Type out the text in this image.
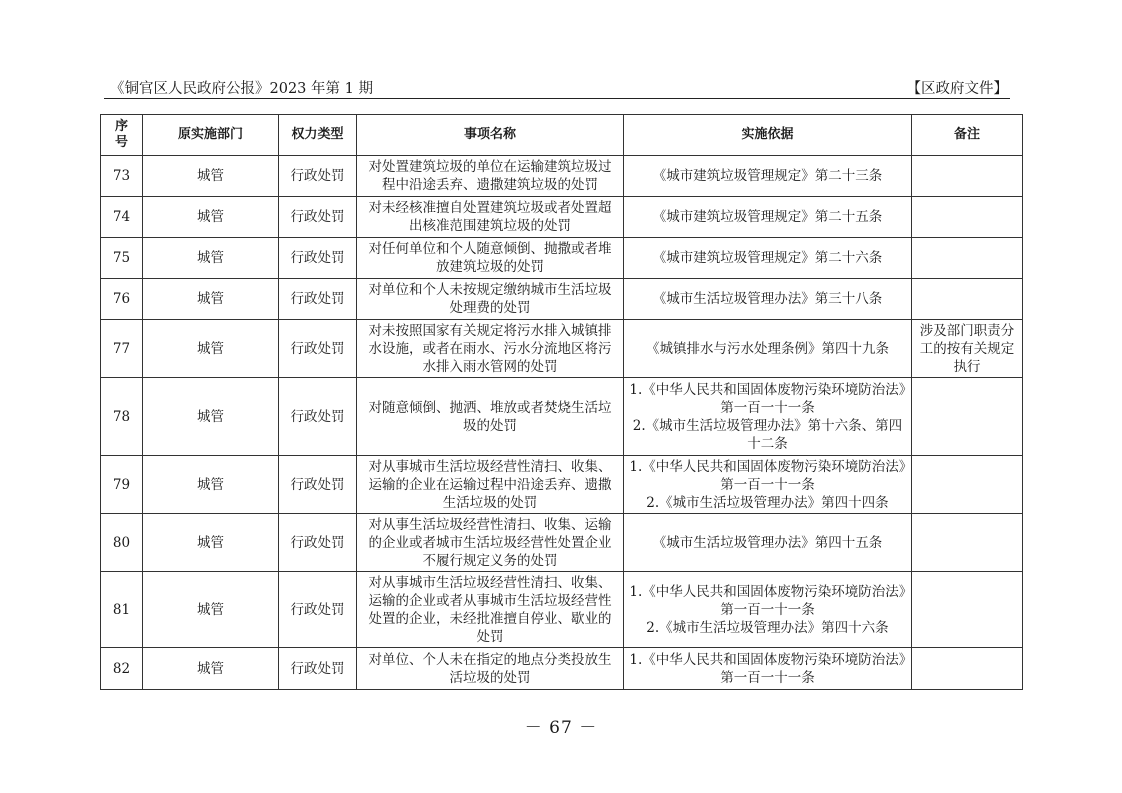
《铜官区人民政府公报》2023 年第 1 期	【区政府文件】
序号	原实施部门	权力类型	事项名称	实施依据	备注
73	城管	行政处罚	对处置建筑垃圾的单位在运输建筑垃圾过程中沿途丢弃、遗撒建筑垃圾的处罚	《城市建筑垃圾管理规定》第二十三条	
74	城管	行政处罚	对未经核准擅自处置建筑垃圾或者处置超出核准范围建筑垃圾的处罚	《城市建筑垃圾管理规定》第二十五条	
75	城管	行政处罚	对任何单位和个人随意倾倒、抛撒或者堆放建筑垃圾的处罚	《城市建筑垃圾管理规定》第二十六条	
76	城管	行政处罚	对单位和个人未按规定缴纳城市生活垃圾处理费的处罚	《城市生活垃圾管理办法》第三十八条	
77	城管	行政处罚	对未按照国家有关规定将污水排入城镇排水设施，或者在雨水、污水分流地区将污水排入雨水管网的处罚	《城镇排水与污水处理条例》第四十九条	涉及部门职责分工的按有关规定执行
78	城管	行政处罚	对随意倾倒、抛洒、堆放或者焚烧生活垃圾的处罚	1.《中华人民共和国固体废物污染环境防治法》第一百一十一条
2.《城市生活垃圾管理办法》第十六条、第四十二条	
79	城管	行政处罚	对从事城市生活垃圾经营性清扫、收集、运输的企业在运输过程中沿途丢弃、遗撒生活垃圾的处罚	1.《中华人民共和国固体废物污染环境防治法》第一百一十一条
2.《城市生活垃圾管理办法》第四十四条	
80	城管	行政处罚	对从事生活垃圾经营性清扫、收集、运输的企业或者城市生活垃圾经营性处置企业不履行规定义务的处罚	《城市生活垃圾管理办法》第四十五条	
81	城管	行政处罚	对从事城市生活垃圾经营性清扫、收集、运输的企业或者从事城市生活垃圾经营性处置的企业，未经批准擅自停业、歇业的处罚	1.《中华人民共和国固体废物污染环境防治法》第一百一十一条
2.《城市生活垃圾管理办法》第四十六条	
82	城管	行政处罚	对单位、个人未在指定的地点分类投放生活垃圾的处罚	1.《中华人民共和国固体废物污染环境防治法》第一百一十一条	
－ 67 －
